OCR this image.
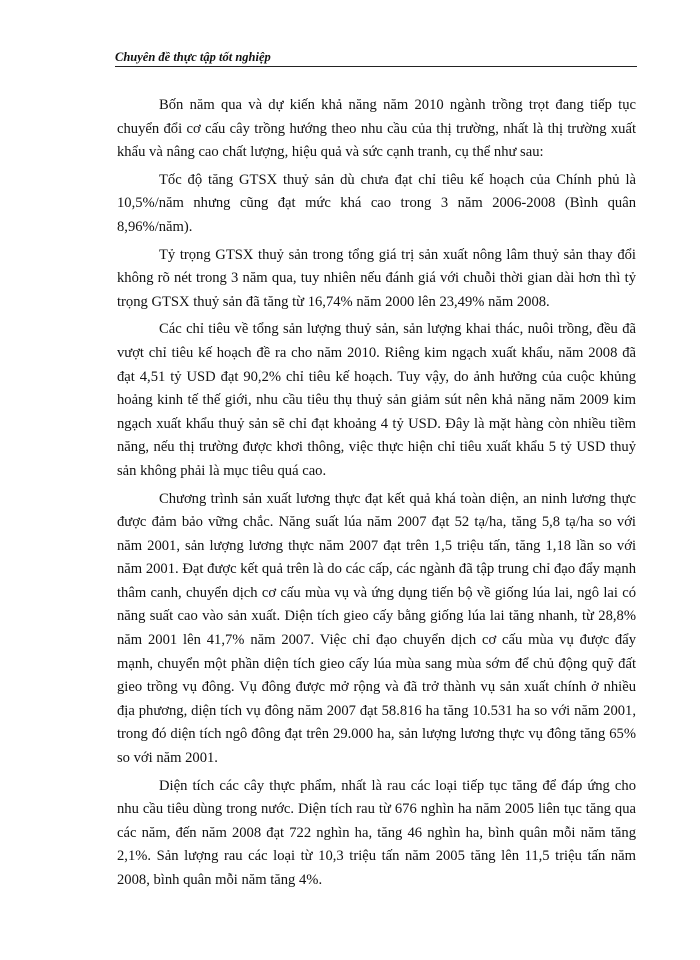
Chuyên đề thực tập tốt nghiệp

Bốn năm qua và dự kiến khả năng năm 2010 ngành trồng trọt đang tiếp tục chuyển đổi cơ cấu cây trồng hướng theo nhu cầu của thị trường, nhất là thị trường xuất khẩu và nâng cao chất lượng, hiệu quả và sức cạnh tranh, cụ thể như sau:

Tốc độ tăng GTSX thuỷ sản dù chưa đạt chỉ tiêu kế hoạch của Chính phủ là 10,5%/năm nhưng cũng đạt mức khá cao trong 3 năm 2006-2008 (Bình quân 8,96%/năm).

Tỷ trọng GTSX thuỷ sản trong tổng giá trị sản xuất nông lâm thuỷ sản thay đổi không rõ nét trong 3 năm qua, tuy nhiên nếu đánh giá với chuỗi thời gian dài hơn thì tỷ trọng GTSX thuỷ sản đã tăng từ 16,74% năm 2000 lên 23,49% năm 2008.

Các chỉ tiêu về tổng sản lượng thuỷ sản, sản lượng khai thác, nuôi trồng, đều đã vượt chỉ tiêu kế hoạch đề ra cho năm 2010. Riêng kim ngạch xuất khẩu, năm 2008 đã đạt 4,51 tỷ USD đạt 90,2% chỉ tiêu kế hoạch. Tuy vậy, do ảnh hưởng của cuộc khủng hoảng kinh tế thế giới, nhu cầu tiêu thụ thuỷ sản giảm sút nên khả năng năm 2009 kim ngạch xuất khẩu thuỷ sản sẽ chỉ đạt khoảng 4 tỷ USD. Đây là mặt hàng còn nhiều tiềm năng, nếu thị trường được khơi thông, việc thực hiện chỉ tiêu xuất khẩu 5 tỷ USD thuỷ sản không phải là mục tiêu quá cao.

Chương trình sản xuất lương thực đạt kết quả khá toàn diện, an ninh lương thực được đảm bảo vững chắc. Năng suất lúa năm 2007 đạt 52 tạ/ha, tăng 5,8 tạ/ha so với năm 2001, sản lượng lương thực năm 2007 đạt trên 1,5 triệu tấn, tăng 1,18 lần so với năm 2001. Đạt được kết quả trên là do các cấp, các ngành đã tập trung chỉ đạo đẩy mạnh thâm canh, chuyển dịch cơ cấu mùa vụ và ứng dụng tiến bộ về giống lúa lai, ngô lai có năng suất cao vào sản xuất. Diện tích gieo cấy bằng giống lúa lai tăng nhanh, từ 28,8% năm 2001 lên 41,7% năm 2007. Việc chỉ đạo chuyển dịch cơ cấu mùa vụ được đẩy mạnh, chuyển một phần diện tích gieo cấy lúa mùa sang mùa sớm để chủ động quỹ đất gieo trồng vụ đông. Vụ đông được mở rộng và đã trở thành vụ sản xuất chính ở nhiều địa phương, diện tích vụ đông năm 2007 đạt 58.816 ha tăng 10.531 ha so với năm 2001, trong đó diện tích ngô đông đạt trên 29.000 ha, sản lượng lương thực vụ đông tăng 65% so với năm 2001.

Diện tích các cây thực phẩm, nhất là rau các loại tiếp tục tăng để đáp ứng cho nhu cầu tiêu dùng trong nước. Diện tích rau từ 676 nghìn ha năm 2005 liên tục tăng qua các năm, đến năm 2008 đạt 722 nghìn ha, tăng 46 nghìn ha, bình quân mỗi năm tăng 2,1%. Sản lượng rau các loại từ 10,3 triệu tấn năm 2005 tăng lên 11,5 triệu tấn năm 2008, bình quân mỗi năm tăng 4%.
